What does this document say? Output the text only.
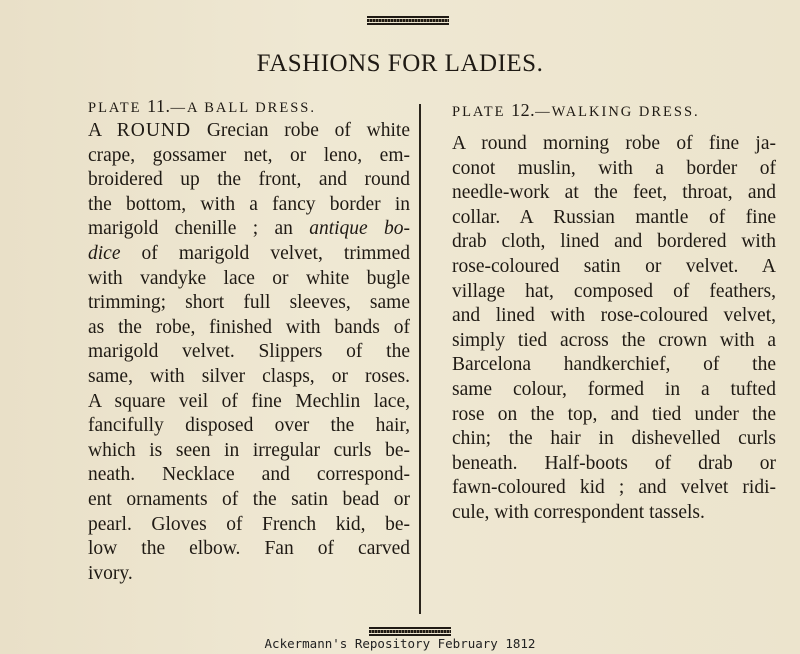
FASHIONS FOR LADIES.
PLATE 11.—A BALL DRESS.
A ROUND Grecian robe of white
crape, gossamer net, or leno, em-
broidered up the front, and round
the bottom, with a fancy border in
marigold chenille ; an antique bo-
dice of marigold velvet, trimmed
with vandyke lace or white bugle
trimming; short full sleeves, same
as the robe, finished with bands of
marigold velvet. Slippers of the
same, with silver clasps, or roses.
A square veil of fine Mechlin lace,
fancifully disposed over the hair,
which is seen in irregular curls be-
neath. Necklace and correspond-
ent ornaments of the satin bead or
pearl. Gloves of French kid, be-
low the elbow. Fan of carved
ivory.
PLATE 12.—WALKING DRESS.
A round morning robe of fine ja-
conot muslin, with a border of
needle-work at the feet, throat, and
collar. A Russian mantle of fine
drab cloth, lined and bordered with
rose-coloured satin or velvet. A
village hat, composed of feathers,
and lined with rose-coloured velvet,
simply tied across the crown with a
Barcelona handkerchief, of the
same colour, formed in a tufted
rose on the top, and tied under the
chin; the hair in dishevelled curls
beneath. Half-boots of drab or
fawn-coloured kid ; and velvet ridi-
cule, with correspondent tassels.
Ackermann's Repository February 1812
